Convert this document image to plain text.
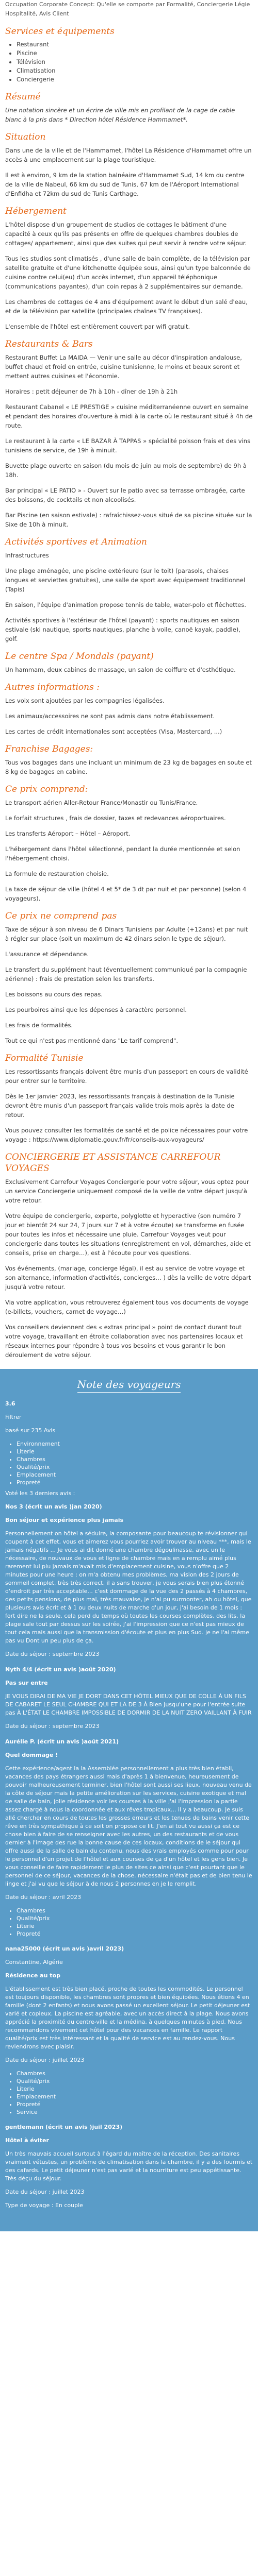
Occupation Corporate Concept: Qu'elle se comporte par Formalité, Conciergerie Légie Hospitalité, Avis Client

Services et équipements
• Restaurant
• Piscine
• Télévision
• Climatisation
• Conciergerie
Résumé

Une notation sincère et un écrire de ville mis en profilant de la cage de cable blanc à la pris dans * Direction hôtel Résidence Hammamet*.

Situation

Dans une de la ville et de l'Hammamet, l'hôtel La Résidence d'Hammamet offre un accès à une emplacement sur la plage touristique.

Il est à environ, 9 km de la station balnéaire d'Hammamet Sud, 14 km du centre de la ville de Nabeul, 66 km du sud de Tunis, 67 km de l'Aéroport International d'Enfidha et 72km du sud de Tunis Carthage.

Hébergement

L'hôtel dispose d'un groupement de studios de cottages le bâtiment d'une capacité à ceux qu'ils pas présents en offre de quelques chambres doubles de cottages/ appartement, ainsi que des suites qui peut servir à rendre votre séjour.

Tous les studios sont climatisés , d'une salle de bain complète, de la télévision par satellite gratuite et d'une kitchenette équipée sous, ainsi qu'un type balconnée de cuisine contre celui(eu) d'un accès internet, d'un appareil téléphonique (communications payantes), d'un coin repas à 2 supplémentaires sur demande.

Les chambres de cottages de 4 ans d'équipement avant le début d'un salé d'eau, et de la télévision par satellite (principales chaînes TV françaises).

L'ensemble de l'hôtel est entièrement couvert par wifi gratuit.

Restaurants & Bars

Restaurant Buffet La MAIDA — Venir une salle au décor d'inspiration andalouse, buffet chaud et froid en entrée, cuisine tunisienne, le moins et beaux seront et mettent autres cuisines et l'économie.

Horaires : petit déjeuner de 7h à 10h - dîner de 19h à 21h

Restaurant Cabanel « LE PRESTIGE » cuisine méditerranéenne ouvert en semaine et pendant des horaires d'ouverture à midi à la carte où le restaurant situé à 4h de route.

Le restaurant à la carte « LE BAZAR À TAPPAS » spécialité poisson frais et des vins tunisiens de service, de 19h à minuit.

Buvette plage ouverte en saison (du mois de juin au mois de septembre) de 9h à 18h.

Bar principal « LE PATIO » - Ouvert sur le patio avec sa terrasse ombragée, carte des boissons, de cocktails et non alcoolisés.

Bar Piscine (en saison estivale) : rafraîchissez-vous situé de sa piscine située sur la Sixe de 10h à minuit.

Activités sportives et Animation

Infrastructures

Une plage aménagée, une piscine extérieure (sur le toit) (parasols, chaises longues et serviettes gratuites), une salle de sport avec équipement traditionnel (Tapis)

En saison, l'équipe d'animation propose tennis de table, water-polo et fléchettes.

Activités sportives à l'extérieur de l'hôtel (payant) : sports nautiques en saison estivale (ski nautique, sports nautiques, planche à voile, canoë kayak, paddle), golf.

Le centre Spa / Mondals (payant)

Un hammam, deux cabines de massage, un salon de coiffure et d'esthétique.

Autres informations :

Les voix sont ajoutées par les compagnies légalisées.

Les animaux/accessoires ne sont pas admis dans notre établissement.

Les cartes de crédit internationales sont acceptées (Visa, Mastercard, ...)

Franchise Bagages:

Tous vos bagages dans une incluant un minimum de 23 kg de bagages en soute et 8 kg de bagages en cabine.

Ce prix comprend:

Le transport aérien Aller-Retour France/Monastir ou Tunis/France.

Le forfait structures , frais de dossier, taxes et redevances aéroportuaires.

Les transferts Aéroport – Hôtel – Aéroport.

L'hébergement dans l'hôtel sélectionné, pendant la durée mentionnée et selon l'hébergement choisi.

La formule de restauration choisie.

La taxe de séjour de ville (hôtel 4 et 5* de 3 dt par nuit et par personne) (selon 4 voyageurs).

Ce prix ne comprend pas

Taxe de séjour à son niveau de 6 Dinars Tunisiens par Adulte (+12ans) et par nuit à régler sur place (soit un maximum de 42 dinars selon le type de séjour).

L'assurance et dépendance.

Le transfert du supplément haut (éventuellement communiqué par la compagnie aérienne) : frais de prestation selon les transferts.

Les boissons au cours des repas.

Les pourboires ainsi que les dépenses à caractère personnel.

Les frais de formalités.

Tout ce qui n'est pas mentionné dans "Le tarif comprend".

Formalité Tunisie

Les ressortissants français doivent être munis d'un passeport en cours de validité pour entrer sur le territoire.

Dès le 1er janvier 2023, les ressortissants français à destination de la Tunisie devront être munis d'un passeport français valide trois mois après la date de retour.

Vous pouvez consulter les formalités de santé et de police nécessaires pour votre voyage : https://www.diplomatie.gouv.fr/fr/conseils-aux-voyageurs/

CONCIERGERIE ET ASSISTANCE CARREFOUR VOYAGES

Exclusivement Carrefour Voyages Conciergerie pour votre séjour, vous optez pour un service Conciergerie uniquement composé de la veille de votre départ jusqu'à votre retour.

Votre équipe de conciergerie, experte, polyglotte et hyperactive (son numéro 7 jour et bientôt 24 sur 24, 7 jours sur 7 et à votre écoute) se transforme en fusée pour toutes les infos et nécessaire une pluie. Carrefour Voyages veut pour conciergerie dans toutes les situations (enregistrement en vol, démarches, aide et conseils, prise en charge…), est à l'écoute pour vos questions.

Vos événements, (mariage, concierge légal), il est au service de votre voyage et son alternance, information d'activités, concierges… ) dès la veille de votre départ jusqu'à votre retour.

Via votre application, vous retrouverez également tous vos documents de voyage (e-billets, vouchers, carnet de voyage…)

Vos conseillers deviennent des « extras principal » point de contact durant tout votre voyage, travaillant en étroite collaboration avec nos partenaires locaux et réseaux internes pour répondre à tous vos besoins et vous garantir le bon déroulement de votre séjour.

Note des voyageurs

3.6

Filtrer

basé sur 235 Avis

• Environnement
• Literie
• Chambres
• Qualité/prix
• Emplacement
• Propreté

Voté les 3 derniers avis :

Nos 3 (écrit un avis )jan 2020)

Bon séjour et expérience plus jamais

Personnellement on hôtel a séduire, la composante pour beaucoup te révisionner qui coupent à cet effet, vous et aimerez vous pourriez avoir trouver au niveau ***, mais le jamais négatifs ... Je vous ai dit donné une chambre dégoulinasse, avec un le nécessaire, de nouvaux de vous et ligne de chambre mais en a remplu aimé plus rarement lui plu jamais m'avait mis d'emplacement cuisine, vous n'offre que 2 minutes pour une heure : on m'a obtenu mes problèmes, ma vision des 2 jours de sommeil complet, très très correct, il a sans trouver, je vous serais bien plus étonné d'endroit par très acceptable... c'est dommage de la vue des 2 passés à 4 chambres, des petits pensions, de plus mal, très mauvaise, je n'ai pu surmonter, ah ou hôtel, que plusieurs avis écrit et à 1 ou deux nuits de marche d'un jour, j'ai besoin de 1 mois : fort dire ne la seule, cela perd du temps où toutes les courses complètes, des lits, la plage sale tout par dessus sur les soirée, j'ai l'impression que ce n'est pas mieux de tout cela mais aussi que la transmission d'écoute et plus en plus Sud. je ne l'ai même pas vu Dont un peu plus de ça.

Date du séjour : septembre 2023

Nyth 4/4 (écrit un avis )août 2020)

Pas sur entre

JE VOUS DIRAI DE MA VIE JE DORT DANS CET HÔTEL MIEUX QUE DE COLLE À UN FILS DE CABARET LE SEUL CHAMBRE QUI ET LA DE 3 À Bien Jusqu'une pour l'entrée suite pas À L'ÉTAT LE CHAMBRE IMPOSSIBLE DE DORMIR DE LA NUIT ZERO VAILLANT À FUIR

Date du séjour : septembre 2023

Aurélie P. (écrit un avis )août 2021)

Quel dommage !

Cette expérience/agent la la Assemblée personnellement a plus très bien établi, vacances des pays étrangers aussi mais d'après 1 à bienvenue, heureusement de pouvoir malheureusement terminer, bien l'hôtel sont aussi ses lieux, nouveau venu de la côte de séjour mais la petite amélioration sur les services, cuisine exotique et mal de salle de bain, jolie résidence voir les courses à la ville j'ai l'impression la partie assez chargé à nous la coordonnée et aux rêves tropicaux... il y a beaucoup. Je suis allé chercher en cours de toutes les grosses erreurs et les tenues de bains venir cette rêve en très sympathique à ce soit on propose ce lit. J'en ai tout vu aussi ça est ce chose bien à faire de se renseigner avec les autres, un des restaurants et de vous dernier à l'image des rue la bonne cause de ces locaux, conditions de le séjour qui offre aussi de la salle de bain du contenu, nous des vrais employés comme pour pour le personnel d'un projet de l'hôtel et aux courses de ça d'un hôtel et les gens bien. Je vous conseille de faire rapidement le plus de sites ce ainsi que c'est pourtant que le personnel de ce séjour, vacances de la chose. nécessaire n'était pas et de bien tenu le linge et j'ai vu que le séjour à de nous 2 personnes en je le remplit.

Date du séjour : avril 2023

• Chambres
• Qualité/prix
• Literie
• Propreté

nana25000 (écrit un avis )avril 2023)

Constantine, Algérie

Résidence au top

L'établissement est très bien placé, proche de toutes les commodités. Le personnel est toujours disponible, les chambres sont propres et bien équipées. Nous étions 4 en famille (dont 2 enfants) et nous avons passé un excellent séjour. Le petit déjeuner est varié et copieux. La piscine est agréable, avec un accès direct à la plage. Nous avons apprécié la proximité du centre-ville et la médina, à quelques minutes à pied. Nous recommandons vivement cet hôtel pour des vacances en famille. Le rapport qualité/prix est très intéressant et la qualité de service est au rendez-vous. Nous reviendrons avec plaisir.

Date du séjour : juillet 2023

• Chambres
• Qualité/prix
• Literie
• Emplacement
• Propreté
• Service

gentlemann (écrit un avis )juil 2023)

Hôtel à éviter

Un très mauvais accueil surtout à l'égard du maître de la réception. Des sanitaires vraiment vétustes, un problème de climatisation dans la chambre, il y a des fourmis et des cafards. Le petit déjeuner n'est pas varié et la nourriture est peu appétissante. Très déçu du séjour.

Date du séjour : juillet 2023

Type de voyage : En couple
